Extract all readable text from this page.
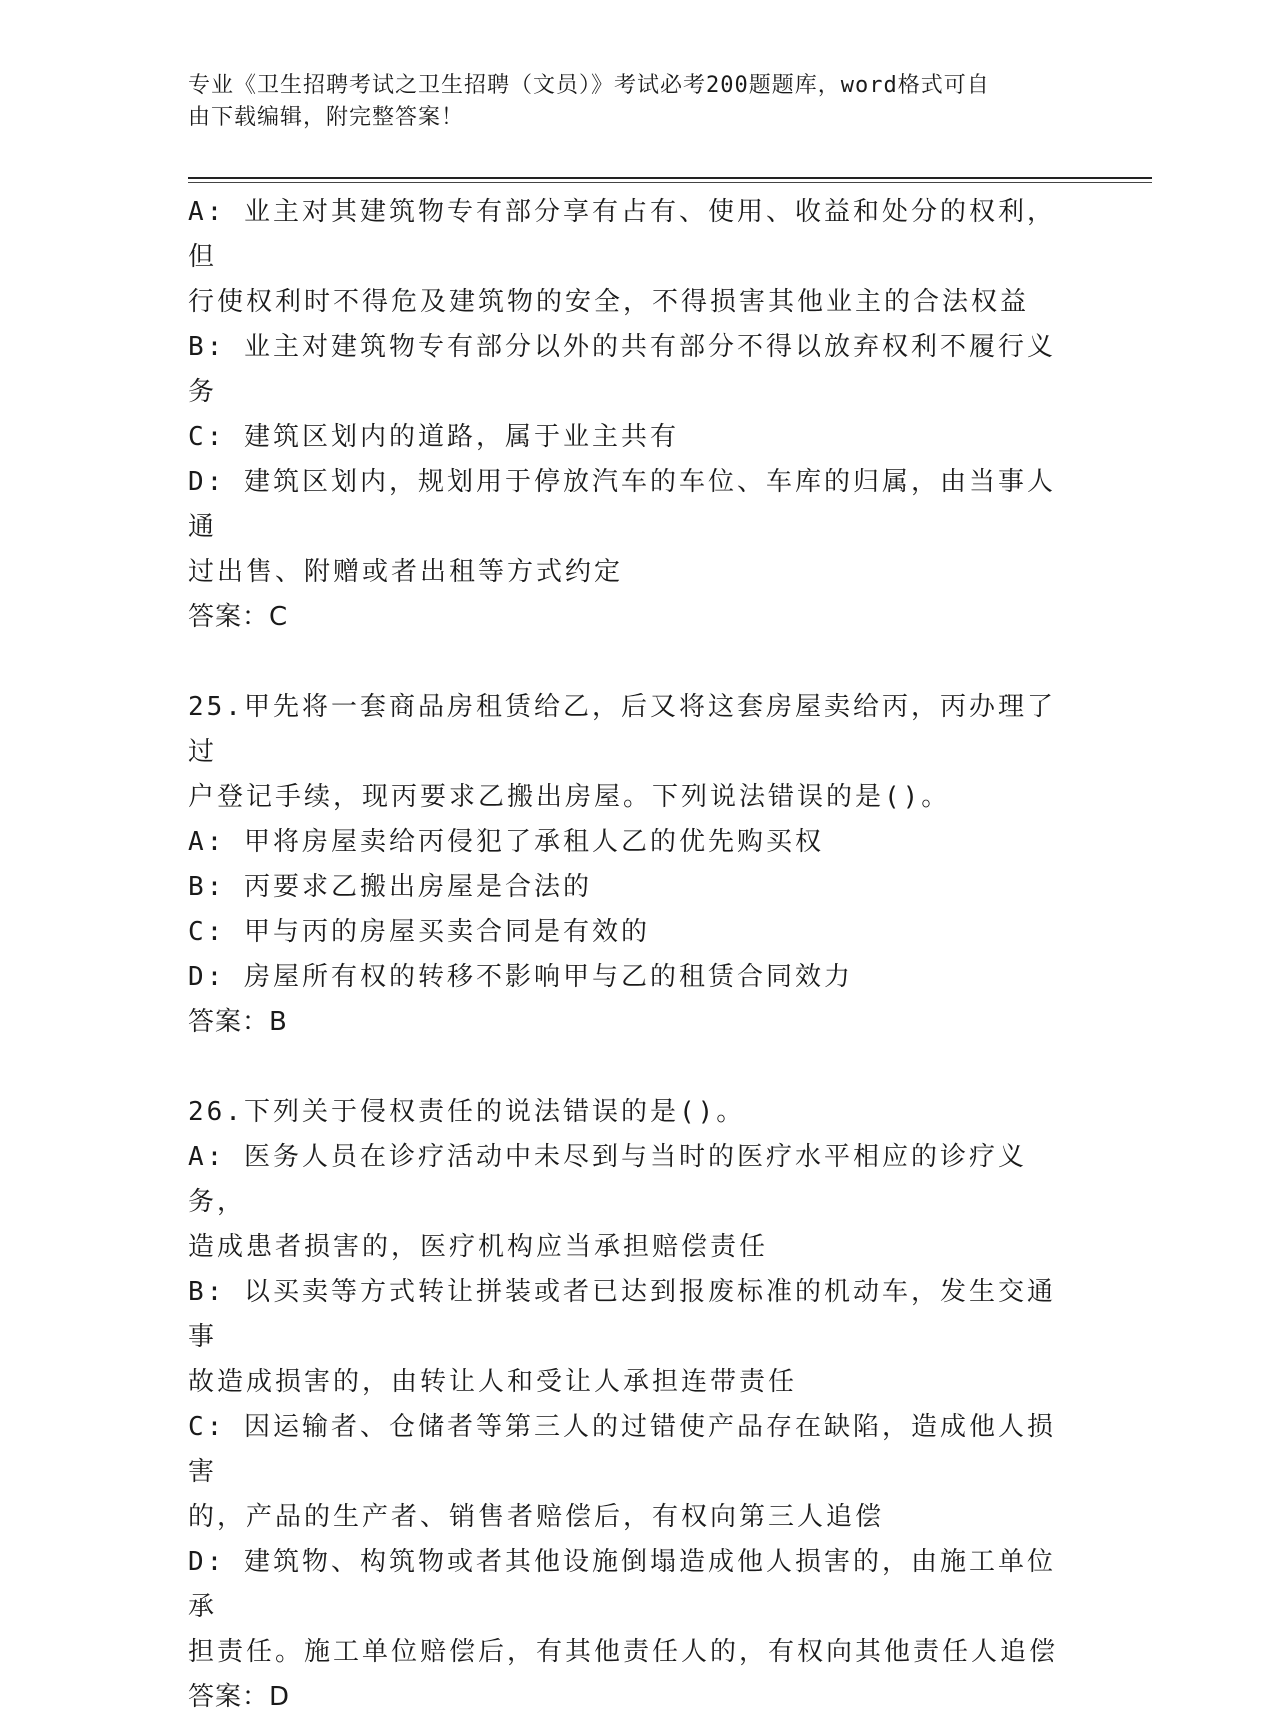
专业《卫生招聘考试之卫生招聘（文员）》考试必考200题题库，word格式可自
由下载编辑，附完整答案！
A: 业主对其建筑物专有部分享有占有、使用、收益和处分的权利，但
行使权利时不得危及建筑物的安全，不得损害其他业主的合法权益
B: 业主对建筑物专有部分以外的共有部分不得以放弃权利不履行义务
C: 建筑区划内的道路，属于业主共有
D: 建筑区划内，规划用于停放汽车的车位、车库的归属，由当事人通
过出售、附赠或者出租等方式约定
答案：C
25.甲先将一套商品房租赁给乙，后又将这套房屋卖给丙，丙办理了过
户登记手续，现丙要求乙搬出房屋。下列说法错误的是()。
A: 甲将房屋卖给丙侵犯了承租人乙的优先购买权
B: 丙要求乙搬出房屋是合法的
C: 甲与丙的房屋买卖合同是有效的
D: 房屋所有权的转移不影响甲与乙的租赁合同效力
答案：B
26.下列关于侵权责任的说法错误的是()。
A: 医务人员在诊疗活动中未尽到与当时的医疗水平相应的诊疗义务，
造成患者损害的，医疗机构应当承担赔偿责任
B: 以买卖等方式转让拼装或者已达到报废标准的机动车，发生交通事
故造成损害的，由转让人和受让人承担连带责任
C: 因运输者、仓储者等第三人的过错使产品存在缺陷，造成他人损害
的，产品的生产者、销售者赔偿后，有权向第三人追偿
D: 建筑物、构筑物或者其他设施倒塌造成他人损害的，由施工单位承
担责任。施工单位赔偿后，有其他责任人的，有权向其他责任人追偿
答案：D
